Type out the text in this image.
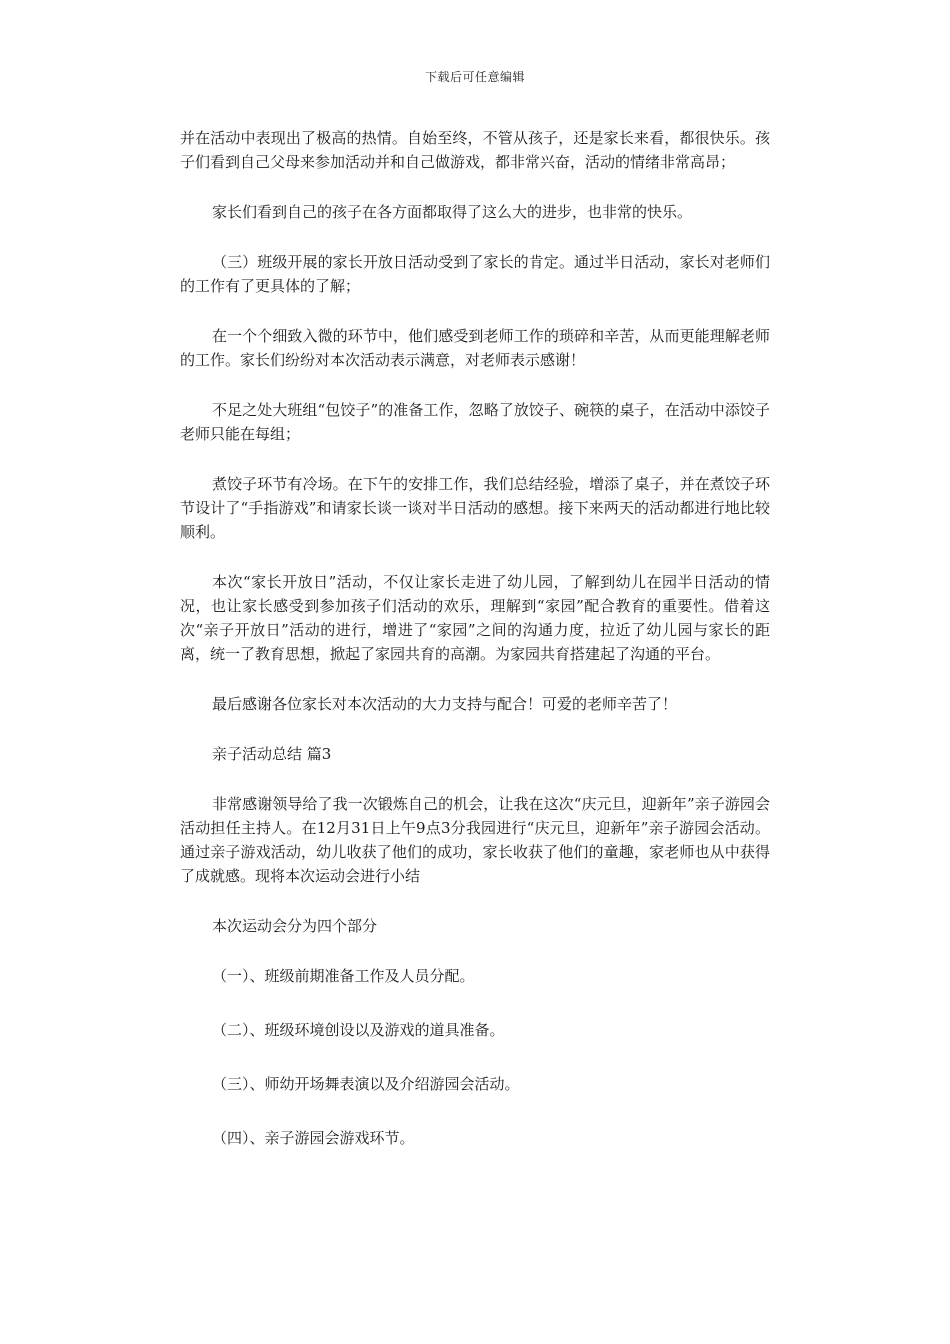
下载后可任意编辑

并在活动中表现出了极高的热情。自始至终，不管从孩子，还是家长来看，都很快乐。孩子们看到自己父母来参加活动并和自己做游戏，都非常兴奋，活动的情绪非常高昂；

家长们看到自己的孩子在各方面都取得了这么大的进步，也非常的快乐。

（三）班级开展的家长开放日活动受到了家长的肯定。通过半日活动，家长对老师们的工作有了更具体的了解；

在一个个细致入微的环节中，他们感受到老师工作的琐碎和辛苦，从而更能理解老师的工作。家长们纷纷对本次活动表示满意，对老师表示感谢！

不足之处大班组“包饺子”的准备工作，忽略了放饺子、碗筷的桌子，在活动中添饺子老师只能在每组；

煮饺子环节有冷场。在下午的安排工作，我们总结经验，增添了桌子，并在煮饺子环节设计了“手指游戏”和请家长谈一谈对半日活动的感想。接下来两天的活动都进行地比较顺利。

本次“家长开放日”活动，不仅让家长走进了幼儿园，了解到幼儿在园半日活动的情况，也让家长感受到参加孩子们活动的欢乐，理解到“家园”配合教育的重要性。借着这次“亲子开放日”活动的进行，增进了“家园”之间的沟通力度，拉近了幼儿园与家长的距离，统一了教育思想，掀起了家园共育的高潮。为家园共育搭建起了沟通的平台。

最后感谢各位家长对本次活动的大力支持与配合！可爱的老师辛苦了！

亲子活动总结 篇3

非常感谢领导给了我一次锻炼自己的机会，让我在这次“庆元旦，迎新年”亲子游园会活动担任主持人。在12月31日上午9点3分我园进行“庆元旦，迎新年”亲子游园会活动。通过亲子游戏活动，幼儿收获了他们的成功，家长收获了他们的童趣，家老师也从中获得了成就感。现将本次运动会进行小结

本次运动会分为四个部分

（一）、班级前期准备工作及人员分配。

（二）、班级环境创设以及游戏的道具准备。

（三）、师幼开场舞表演以及介绍游园会活动。

（四）、亲子游园会游戏环节。
